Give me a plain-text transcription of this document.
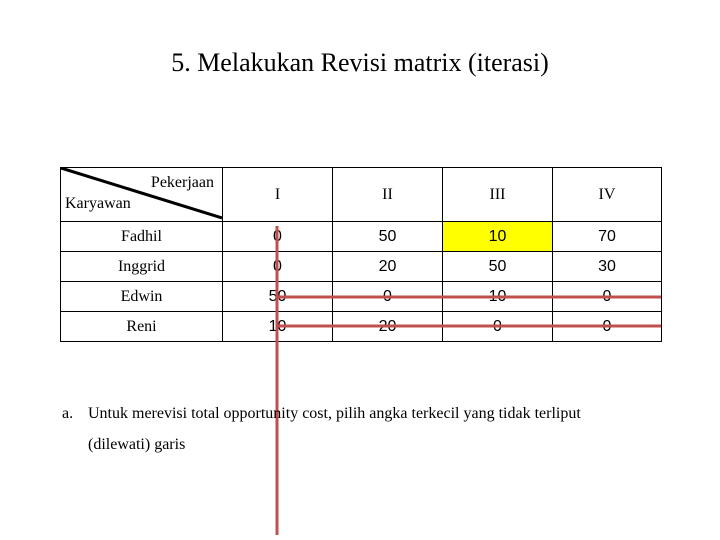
5. Melakukan Revisi matrix (iterasi)
Pekerjaan
Karyawan	I	II	III	IV
Fadhil	0	50	10	70
Inggrid	0	20	50	30
Edwin	50	0	10	0
Reni	10	20	0	0
a. Untuk merevisi total opportunity cost, pilih angka terkecil yang tidak terliput
(dilewati) garis
